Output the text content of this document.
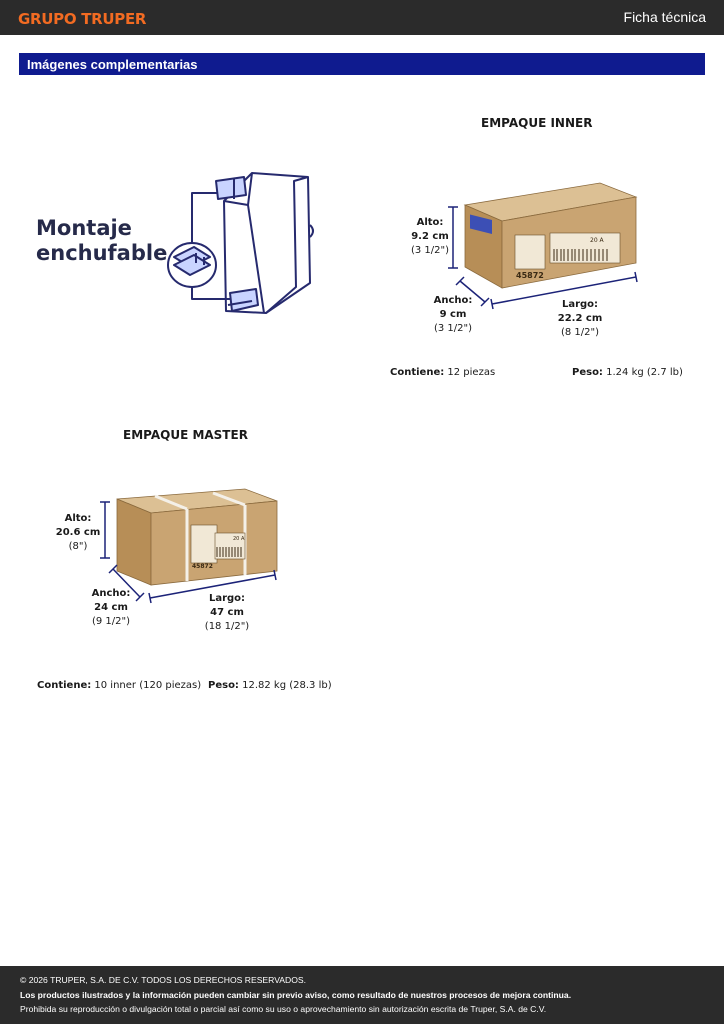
GRUPO TRUPER	Ficha técnica
Imágenes complementarias
Montaje
enchufable
EMPAQUE INNER
20 A
45872
Alto:
9.2 cm
(3 1/2")
Ancho:
9 cm
(3 1/2")
Largo:
22.2 cm
(8 1/2")
Contiene: 12 piezas	Peso: 1.24 kg (2.7 lb)
EMPAQUE MASTER
20 A
45872
Alto:
20.6 cm
(8")
Ancho:
24 cm
(9 1/2")
Largo:
47 cm
(18 1/2")
Contiene: 10 inner (120 piezas) Peso: 12.82 kg (28.3 lb)
© 2026 TRUPER, S.A. DE C.V. TODOS LOS DERECHOS RESERVADOS.
Los productos ilustrados y la información pueden cambiar sin previo aviso, como resultado de nuestros procesos de mejora continua.
Prohibida su reproducción o divulgación total o parcial así como su uso o aprovechamiento sin autorización escrita de Truper, S.A. de C.V.
